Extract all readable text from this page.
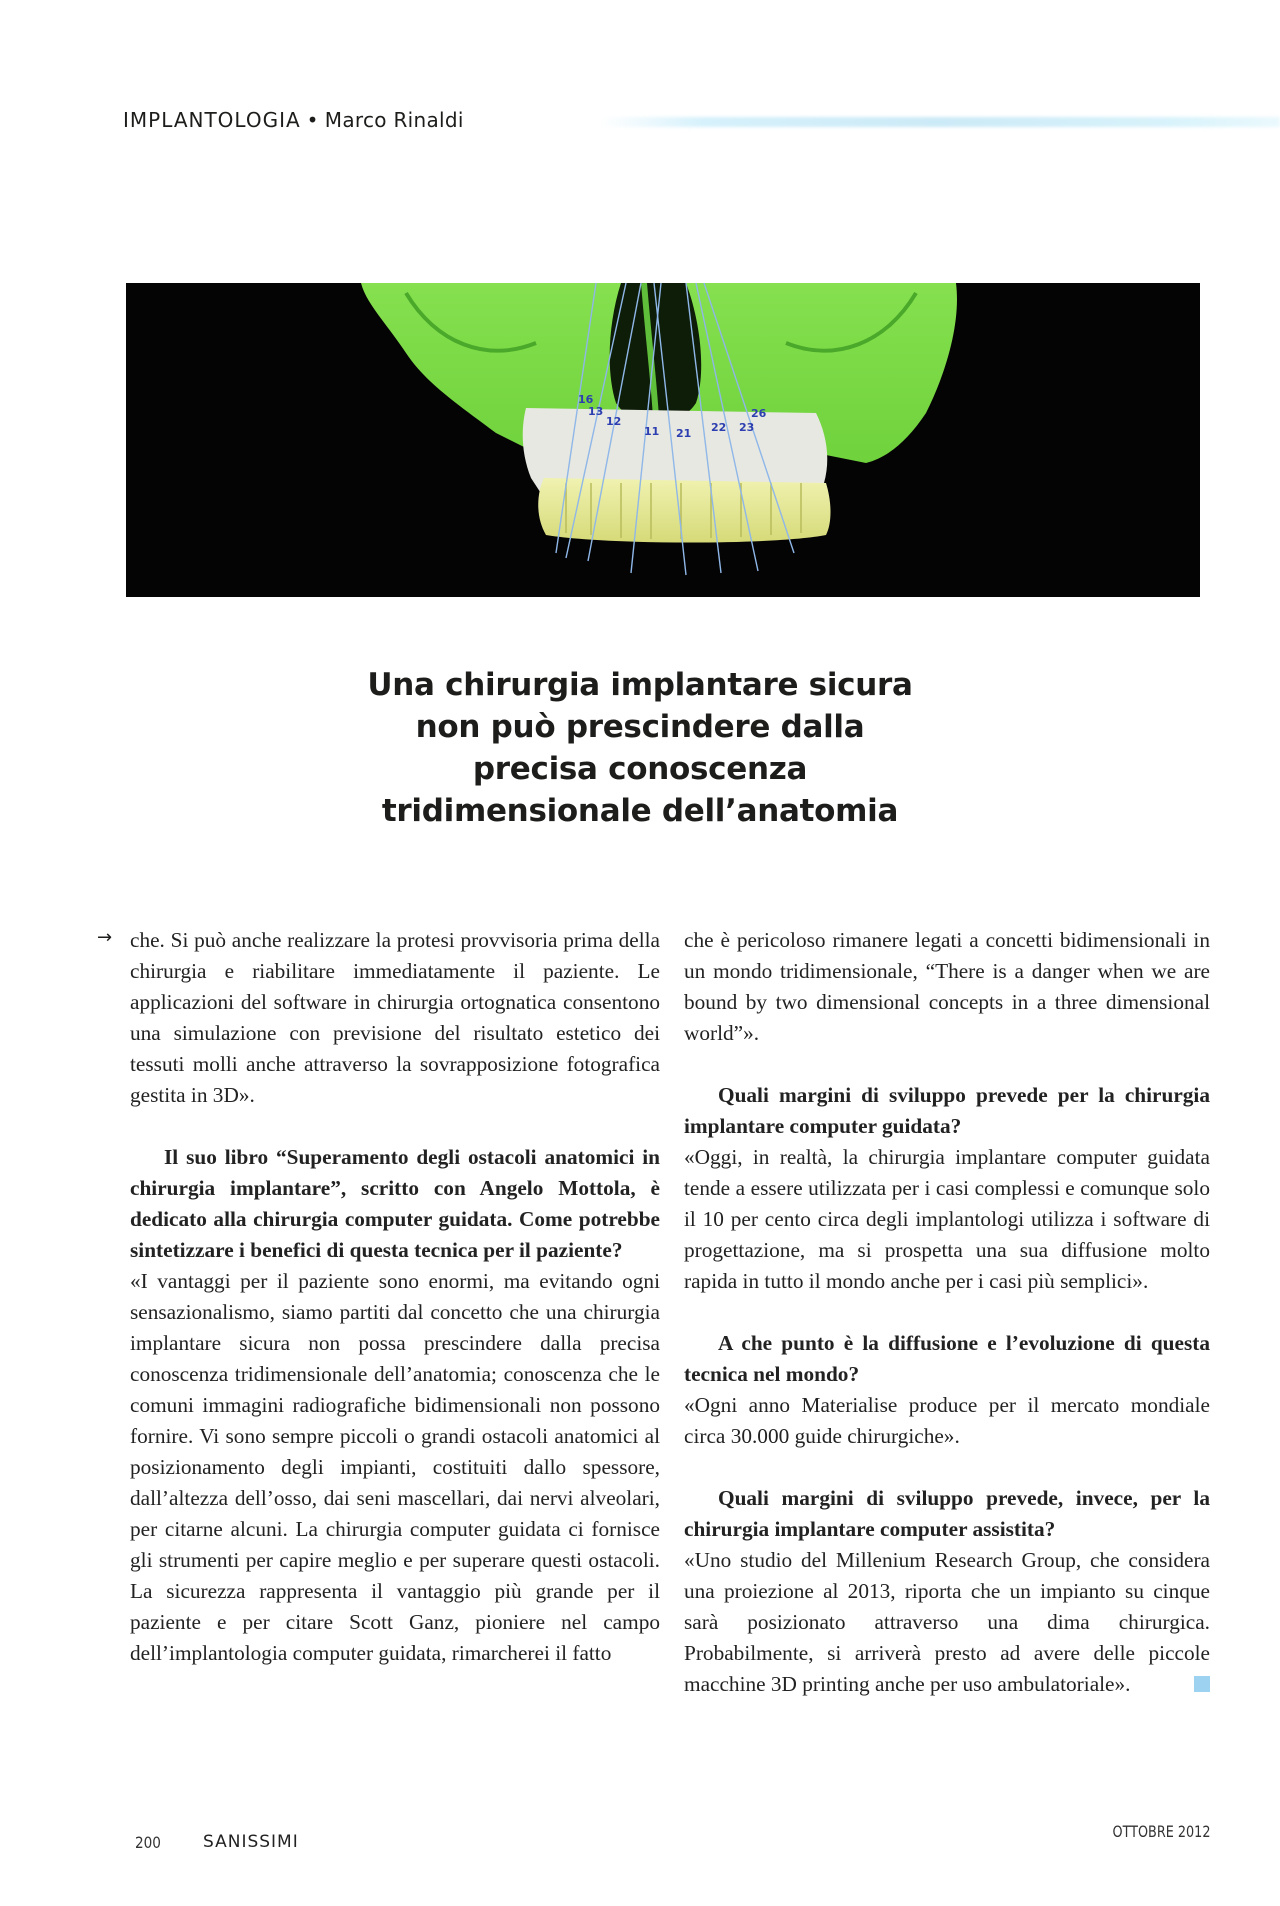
IMPLANTOLOGIA • Marco Rinaldi
16
13
12
11 21 22 23
26
Una chirurgia implantare sicura
non può prescindere dalla
precisa conoscenza
tridimensionale dell’anatomia
→ che. Si può anche realizzare la protesi provvisoria prima della chirurgia e riabilitare immediatamente il paziente. Le applicazioni del software in chirurgia ortognatica consentono una simulazione con previsione del risultato estetico dei tessuti molli anche attraverso la sovrapposizione fotografica gestita in 3D».

Il suo libro “Superamento degli ostacoli anatomici in chirurgia implantare”, scritto con Angelo Mottola, è dedicato alla chirurgia computer guidata. Come potrebbe sintetizzare i benefici di questa tecnica per il paziente?

«I vantaggi per il paziente sono enormi, ma evitando ogni sensazionalismo, siamo partiti dal concetto che una chirurgia implantare sicura non possa prescindere dalla precisa conoscenza tridimensionale dell’anatomia; conoscenza che le comuni immagini radiografiche bidimensionali non possono fornire. Vi sono sempre piccoli o grandi ostacoli anatomici al posizionamento degli impianti, costituiti dallo spessore, dall’altezza dell’osso, dai seni mascellari, dai nervi alveolari, per citarne alcuni. La chirurgia computer guidata ci fornisce gli strumenti per capire meglio e per superare questi ostacoli. La sicurezza rappresenta il vantaggio più grande per il paziente e per citare Scott Ganz, pioniere nel campo dell’implantologia computer guidata, rimarcherei il fatto

che è pericoloso rimanere legati a concetti bidimensionali in un mondo tridimensionale, “There is a danger when we are bound by two dimensional concepts in a three dimensional world”».

Quali margini di sviluppo prevede per la chirurgia implantare computer guidata?

«Oggi, in realtà, la chirurgia implantare computer guidata tende a essere utilizzata per i casi complessi e comunque solo il 10 per cento circa degli implantologi utilizza i software di progettazione, ma si prospetta una sua diffusione molto rapida in tutto il mondo anche per i casi più semplici».

A che punto è la diffusione e l’evoluzione di questa tecnica nel mondo?

«Ogni anno Materialise produce per il mercato mondiale circa 30.000 guide chirurgiche».

Quali margini di sviluppo prevede, invece, per la chirurgia implantare computer assistita?

«Uno studio del Millenium Research Group, che considera una proiezione al 2013, riporta che un impianto su cinque sarà posizionato attraverso una dima chirurgica. Probabilmente, si arriverà presto ad avere delle piccole macchine 3D printing anche per uso ambulatoriale».

200 SANISSIMI
OTTOBRE 2012
